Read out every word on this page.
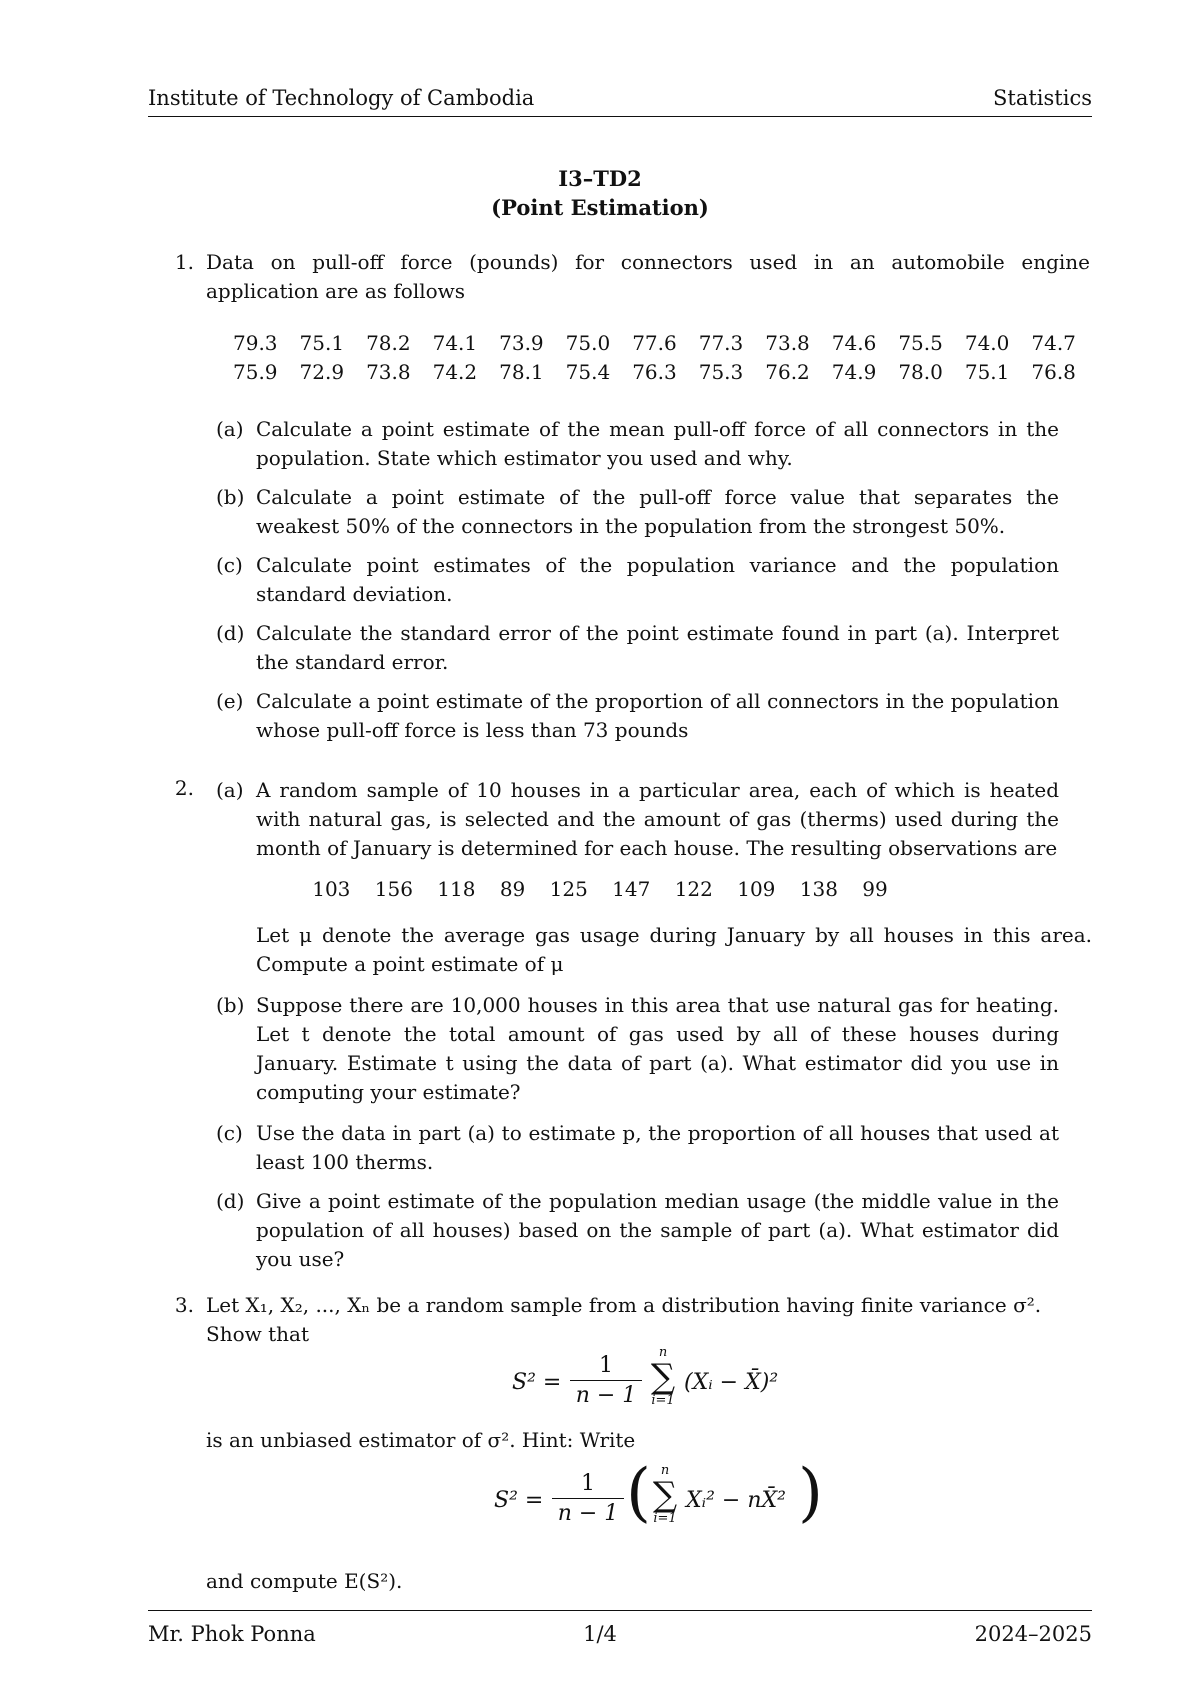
Institute of Technology of Cambodia	Statistics
I3–TD2
(Point Estimation)
1. Data on pull-off force (pounds) for connectors used in an automobile engine application are as follows
79.3	75.1	78.2	74.1	73.9	75.0	77.6	77.3	73.8	74.6	75.5	74.0	74.7
75.9	72.9	73.8	74.2	78.1	75.4	76.3	75.3	76.2	74.9	78.0	75.1	76.8
(a) Calculate a point estimate of the mean pull-off force of all connectors in the population. State which estimator you used and why.
(b) Calculate a point estimate of the pull-off force value that separates the weakest 50% of the connectors in the population from the strongest 50%.
(c) Calculate point estimates of the population variance and the population standard deviation.
(d) Calculate the standard error of the point estimate found in part (a). Interpret the standard error.
(e) Calculate a point estimate of the proportion of all connectors in the population whose pull-off force is less than 73 pounds
2. (a) A random sample of 10 houses in a particular area, each of which is heated with natural gas, is selected and the amount of gas (therms) used during the month of January is determined for each house. The resulting observations are
103 156 118 89 125 147 122 109 138 99
Let μ denote the average gas usage during January by all houses in this area. Compute a point estimate of μ
(b) Suppose there are 10,000 houses in this area that use natural gas for heating. Let t denote the total amount of gas used by all of these houses during January. Estimate t using the data of part (a). What estimator did you use in computing your estimate?
(c) Use the data in part (a) to estimate p, the proportion of all houses that used at least 100 therms.
(d) Give a point estimate of the population median usage (the middle value in the population of all houses) based on the sample of part (a). What estimator did you use?
3. Let X₁, X₂, ..., Xₙ be a random sample from a distribution having finite variance σ².
Show that
$S^2 = \frac{1}{n - 1}$	n
∑
i=1
(Xᵢ − X̄)²
is an unbiased estimator of σ². Hint: Write
$S^2 = \frac{1}{n - 1}$ ( n
∑
i=1
Xᵢ² − nX̄² )
and compute E(S²).
Mr. Phok Ponna	1/4	2024–2025
